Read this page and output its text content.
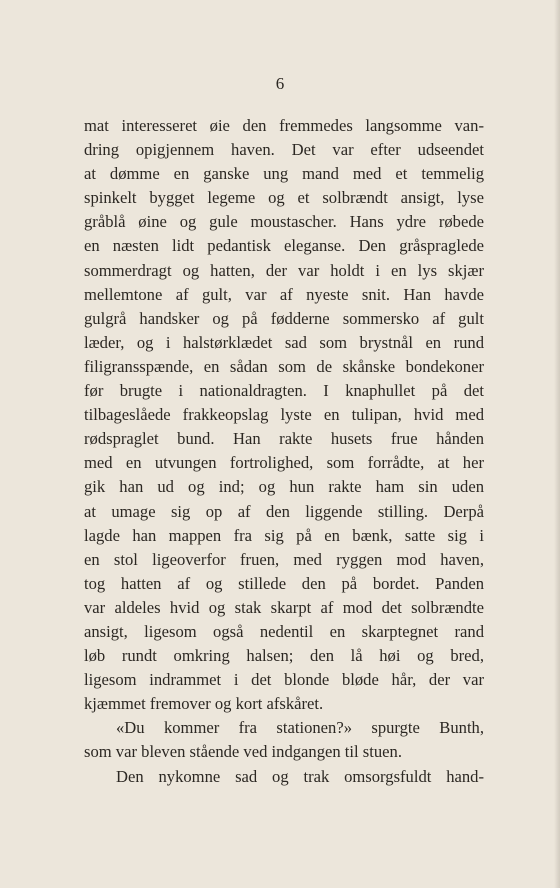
6
mat interesseret øie den fremmedes langsomme van-
dring opigjennem haven. Det var efter udseendet
at dømme en ganske ung mand med et temmelig
spinkelt bygget legeme og et solbrændt ansigt, lyse
gråblå øine og gule moustascher. Hans ydre røbede
en næsten lidt pedantisk eleganse. Den gråspraglede
sommerdragt og hatten, der var holdt i en lys skjær
mellemtone af gult, var af nyeste snit. Han havde
gulgrå handsker og på fødderne sommersko af gult
læder, og i halstørklædet sad som brystnål en rund
filigransspænde, en sådan som de skånske bondekoner
før brugte i nationaldragten. I knaphullet på det
tilbageslåede frakkeopslag lyste en tulipan, hvid med
rødspraglet bund. Han rakte husets frue hånden
med en utvungen fortrolighed, som forrådte, at her
gik han ud og ind; og hun rakte ham sin uden
at umage sig op af den liggende stilling. Derpå
lagde han mappen fra sig på en bænk, satte sig i
en stol ligeoverfor fruen, med ryggen mod haven,
tog hatten af og stillede den på bordet. Panden
var aldeles hvid og stak skarpt af mod det solbrændte
ansigt, ligesom også nedentil en skarptegnet rand
løb rundt omkring halsen; den lå høi og bred,
ligesom indrammet i det blonde bløde hår, der var
kjæmmet fremover og kort afskåret.
«Du kommer fra stationen?» spurgte Bunth,
som var bleven stående ved indgangen til stuen.
Den nykomne sad og trak omsorgsfuldt hand-
